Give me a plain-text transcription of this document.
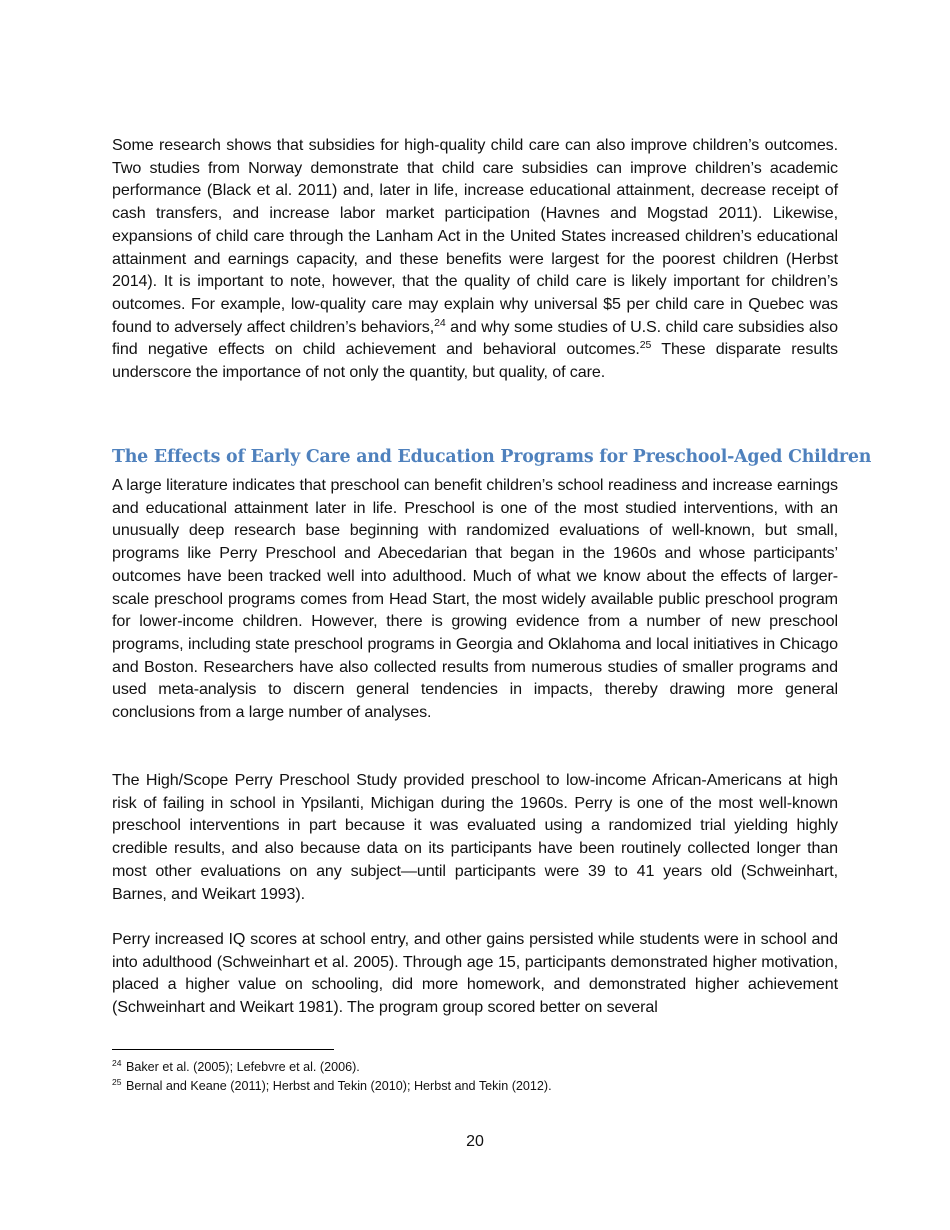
Some research shows that subsidies for high-quality child care can also improve children’s outcomes. Two studies from Norway demonstrate that child care subsidies can improve children’s academic performance (Black et al. 2011) and, later in life, increase educational attainment, decrease receipt of cash transfers, and increase labor market participation (Havnes and Mogstad 2011). Likewise, expansions of child care through the Lanham Act in the United States increased children’s educational attainment and earnings capacity, and these benefits were largest for the poorest children (Herbst 2014). It is important to note, however, that the quality of child care is likely important for children’s outcomes. For example, low-quality care may explain why universal $5 per child care in Quebec was found to adversely affect children’s behaviors,$^{24}$ and why some studies of U.S. child care subsidies also find negative effects on child achievement and behavioral outcomes.$^{25}$ These disparate results underscore the importance of not only the quantity, but quality, of care.

The Effects of Early Care and Education Programs for Preschool-Aged Children

A large literature indicates that preschool can benefit children’s school readiness and increase earnings and educational attainment later in life. Preschool is one of the most studied interventions, with an unusually deep research base beginning with randomized evaluations of well-known, but small, programs like Perry Preschool and Abecedarian that began in the 1960s and whose participants’ outcomes have been tracked well into adulthood. Much of what we know about the effects of larger-scale preschool programs comes from Head Start, the most widely available public preschool program for lower-income children. However, there is growing evidence from a number of new preschool programs, including state preschool programs in Georgia and Oklahoma and local initiatives in Chicago and Boston. Researchers have also collected results from numerous studies of smaller programs and used meta-analysis to discern general tendencies in impacts, thereby drawing more general conclusions from a large number of analyses.

The High/Scope Perry Preschool Study provided preschool to low-income African-Americans at high risk of failing in school in Ypsilanti, Michigan during the 1960s. Perry is one of the most well-known preschool interventions in part because it was evaluated using a randomized trial yielding highly credible results, and also because data on its participants have been routinely collected longer than most other evaluations on any subject—until participants were 39 to 41 years old (Schweinhart, Barnes, and Weikart 1993).

Perry increased IQ scores at school entry, and other gains persisted while students were in school and into adulthood (Schweinhart et al. 2005). Through age 15, participants demonstrated higher motivation, placed a higher value on schooling, did more homework, and demonstrated higher achievement (Schweinhart and Weikart 1981). The program group scored better on several

$^{24}$ Baker et al. (2005); Lefebvre et al. (2006).

$^{25}$ Bernal and Keane (2011); Herbst and Tekin (2010); Herbst and Tekin (2012).

20
